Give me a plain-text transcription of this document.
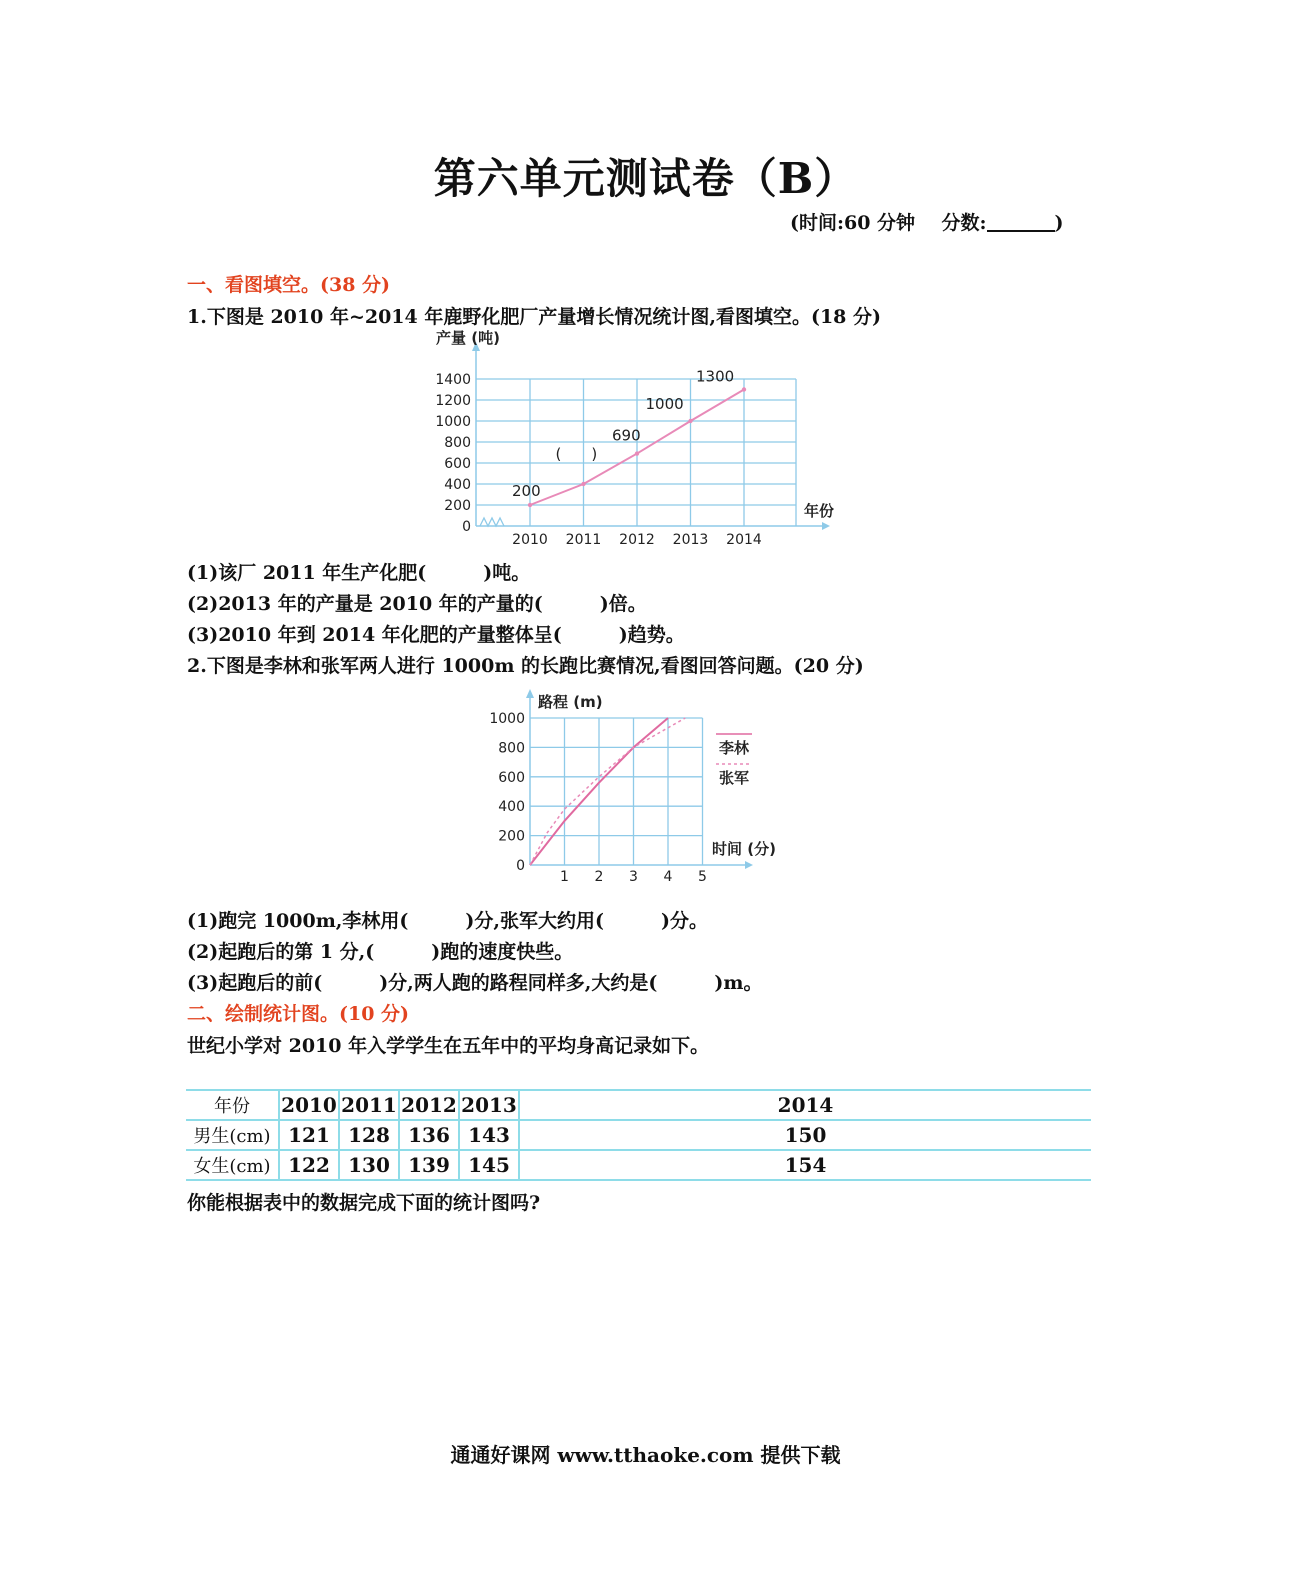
第六单元测试卷（B）
(时间:60 分钟 分数:	)
一、看图填空。(38 分)
1.下图是 2010 年~2014 年鹿野化肥厂产量增长情况统计图,看图填空。(18 分)
产量 (吨)
年份
0
200
400
600
800
1000
1200
1400
2010 2011 2012 2013 2014
200
(　　)
690
1000
1300
(1)该厂 2011 年生产化肥(　　　)吨。
(2)2013 年的产量是 2010 年的产量的(　　　)倍。
(3)2010 年到 2014 年化肥的产量整体呈(　　　)趋势。
2.下图是李林和张军两人进行 1000m 的长跑比赛情况,看图回答问题。(20 分)
路程 (m)
时间 (分)
0
200
400
600
800
1000
1 2 3 4 5
李林
张军
(1)跑完 1000m,李林用(　　　)分,张军大约用(　　　)分。
(2)起跑后的第 1 分,(　　　)跑的速度快些。
(3)起跑后的前(　　　)分,两人跑的路程同样多,大约是(　　　)m。
二、绘制统计图。(10 分)
世纪小学对 2010 年入学学生在五年中的平均身高记录如下。
年份	2010	2011	2012	2013	2014
男生(cm)	121	128	136	143	150
女生(cm)	122	130	139	145	154
你能根据表中的数据完成下面的统计图吗?
通通好课网 www.tthaoke.com 提供下载
